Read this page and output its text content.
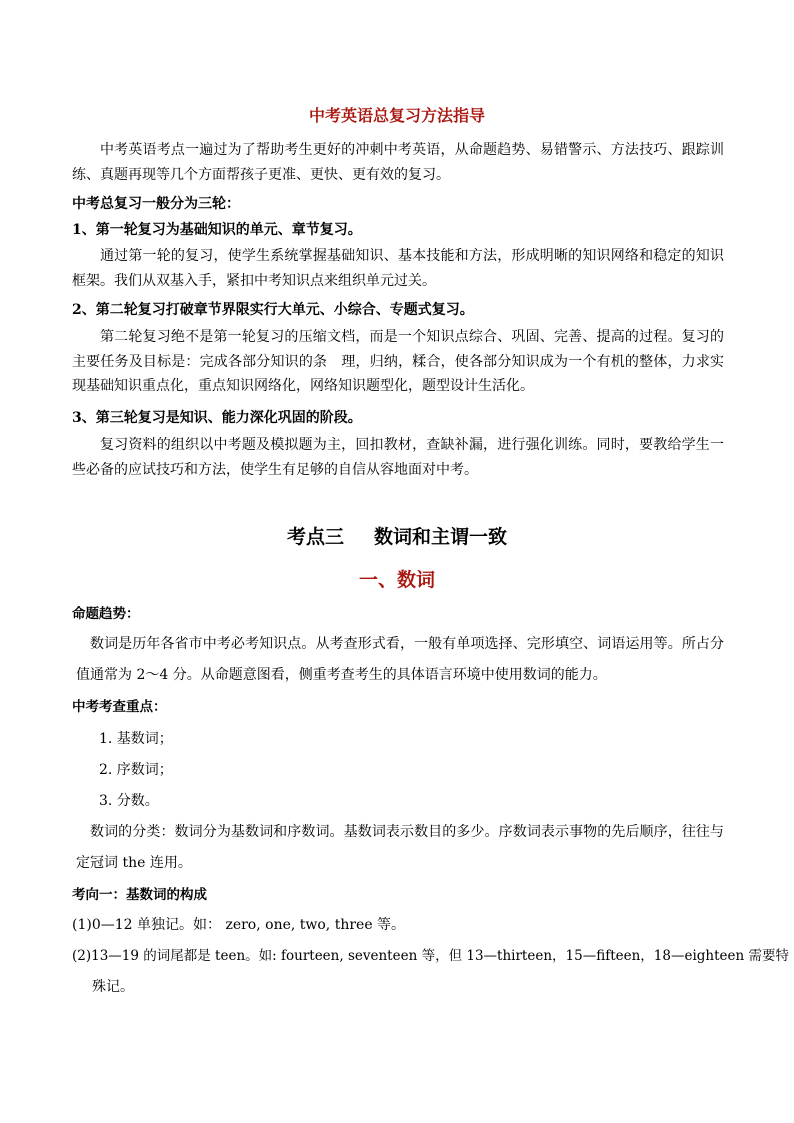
中考英语总复习方法指导
中考英语考点一遍过为了帮助考生更好的冲刺中考英语，从命题趋势、易错警示、方法技巧、跟踪训练、真题再现等几个方面帮孩子更准、更快、更有效的复习。
中考总复习一般分为三轮：
1、第一轮复习为基础知识的单元、章节复习。
通过第一轮的复习，使学生系统掌握基础知识、基本技能和方法，形成明晰的知识网络和稳定的知识框架。我们从双基入手，紧扣中考知识点来组织单元过关。
2、第二轮复习打破章节界限实行大单元、小综合、专题式复习。
第二轮复习绝不是第一轮复习的压缩文档，而是一个知识点综合、巩固、完善、提高的过程。复习的主要任务及目标是：完成各部分知识的条　理，归纳，糅合，使各部分知识成为一个有机的整体，力求实现基础知识重点化，重点知识网络化，网络知识题型化，题型设计生活化。
3、第三轮复习是知识、能力深化巩固的阶段。
复习资料的组织以中考题及模拟题为主，回扣教材，查缺补漏，进行强化训练。同时，要教给学生一些必备的应试技巧和方法，使学生有足够的自信从容地面对中考。
考点三 数词和主谓一致
一、数词
命题趋势：
数词是历年各省市中考必考知识点。从考查形式看，一般有单项选择、完形填空、词语运用等。所占分值通常为 2～4 分。从命题意图看，侧重考查考生的具体语言环境中使用数词的能力。
中考考查重点：
1. 基数词；
2. 序数词；
3. 分数。
数词的分类：数词分为基数词和序数词。基数词表示数目的多少。序数词表示事物的先后顺序，往往与定冠词 the 连用。
考向一：基数词的构成
(1)0—12 单独记。如： zero, one, two, three 等。
(2)13—19 的词尾都是 teen。如: fourteen, seventeen 等，但 13—thirteen，15—fifteen，18—eighteen 需要特
殊记。
